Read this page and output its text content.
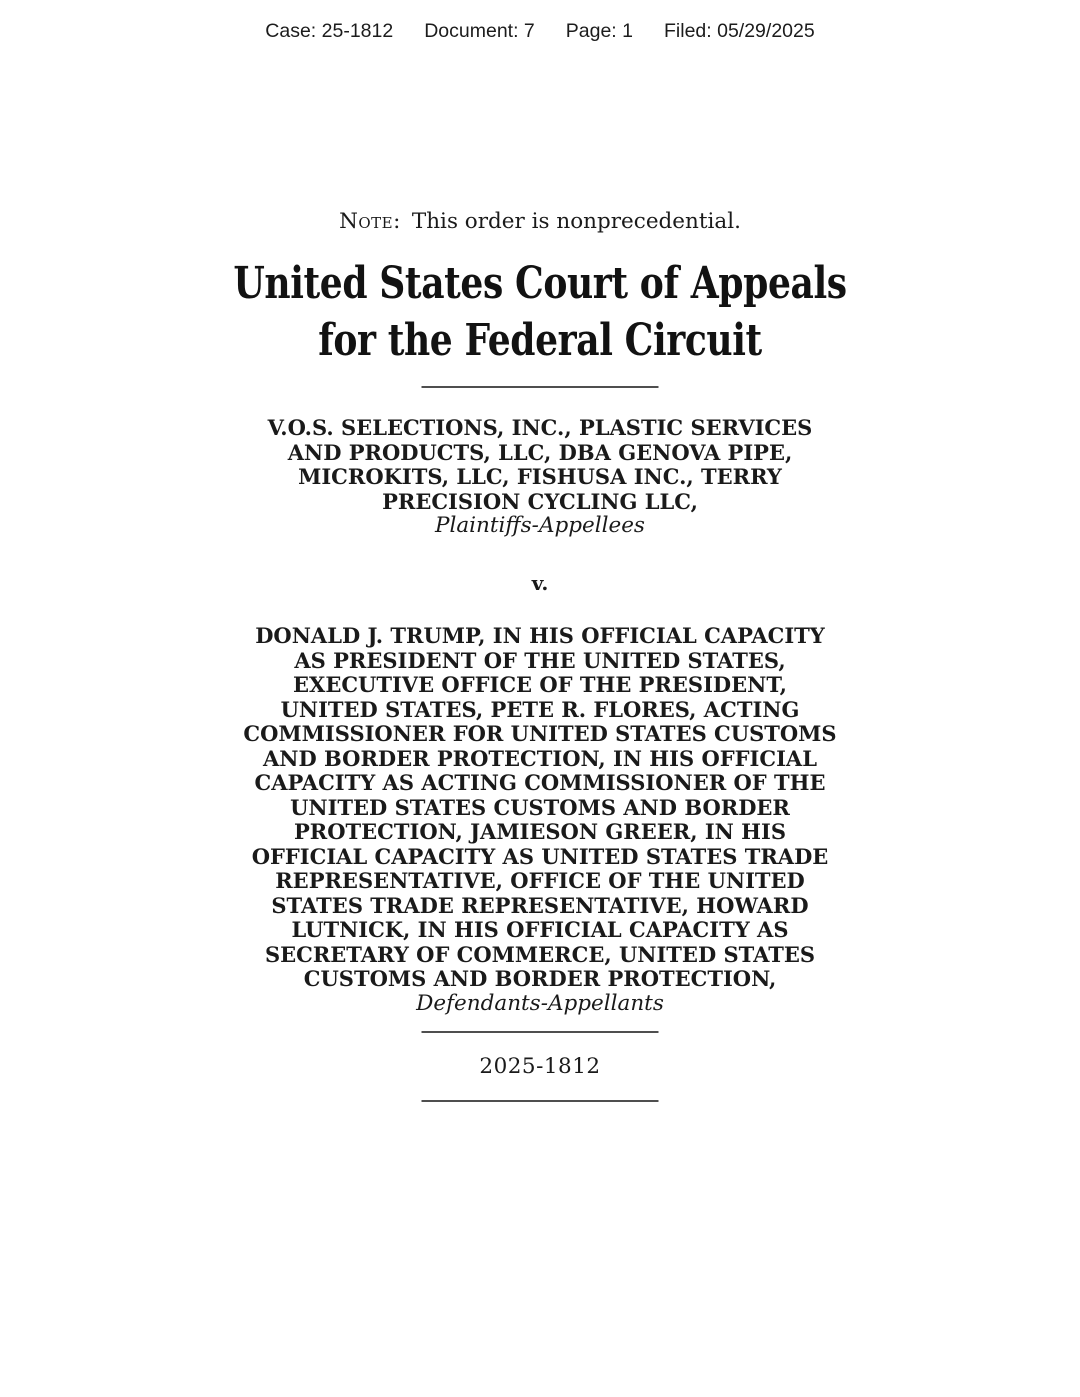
Case: 25-1812 Document: 7 Page: 1 Filed: 05/29/2025
Note: This order is nonprecedential.
United States Court of Appeals
for the Federal Circuit
V.O.S. SELECTIONS, INC., PLASTIC SERVICES
AND PRODUCTS, LLC, DBA GENOVA PIPE,
MICROKITS, LLC, FISHUSA INC., TERRY
PRECISION CYCLING LLC,
Plaintiffs-Appellees
v.
DONALD J. TRUMP, IN HIS OFFICIAL CAPACITY
AS PRESIDENT OF THE UNITED STATES,
EXECUTIVE OFFICE OF THE PRESIDENT,
UNITED STATES, PETE R. FLORES, ACTING
COMMISSIONER FOR UNITED STATES CUSTOMS
AND BORDER PROTECTION, IN HIS OFFICIAL
CAPACITY AS ACTING COMMISSIONER OF THE
UNITED STATES CUSTOMS AND BORDER
PROTECTION, JAMIESON GREER, IN HIS
OFFICIAL CAPACITY AS UNITED STATES TRADE
REPRESENTATIVE, OFFICE OF THE UNITED
STATES TRADE REPRESENTATIVE, HOWARD
LUTNICK, IN HIS OFFICIAL CAPACITY AS
SECRETARY OF COMMERCE, UNITED STATES
CUSTOMS AND BORDER PROTECTION,
Defendants-Appellants
2025-1812
